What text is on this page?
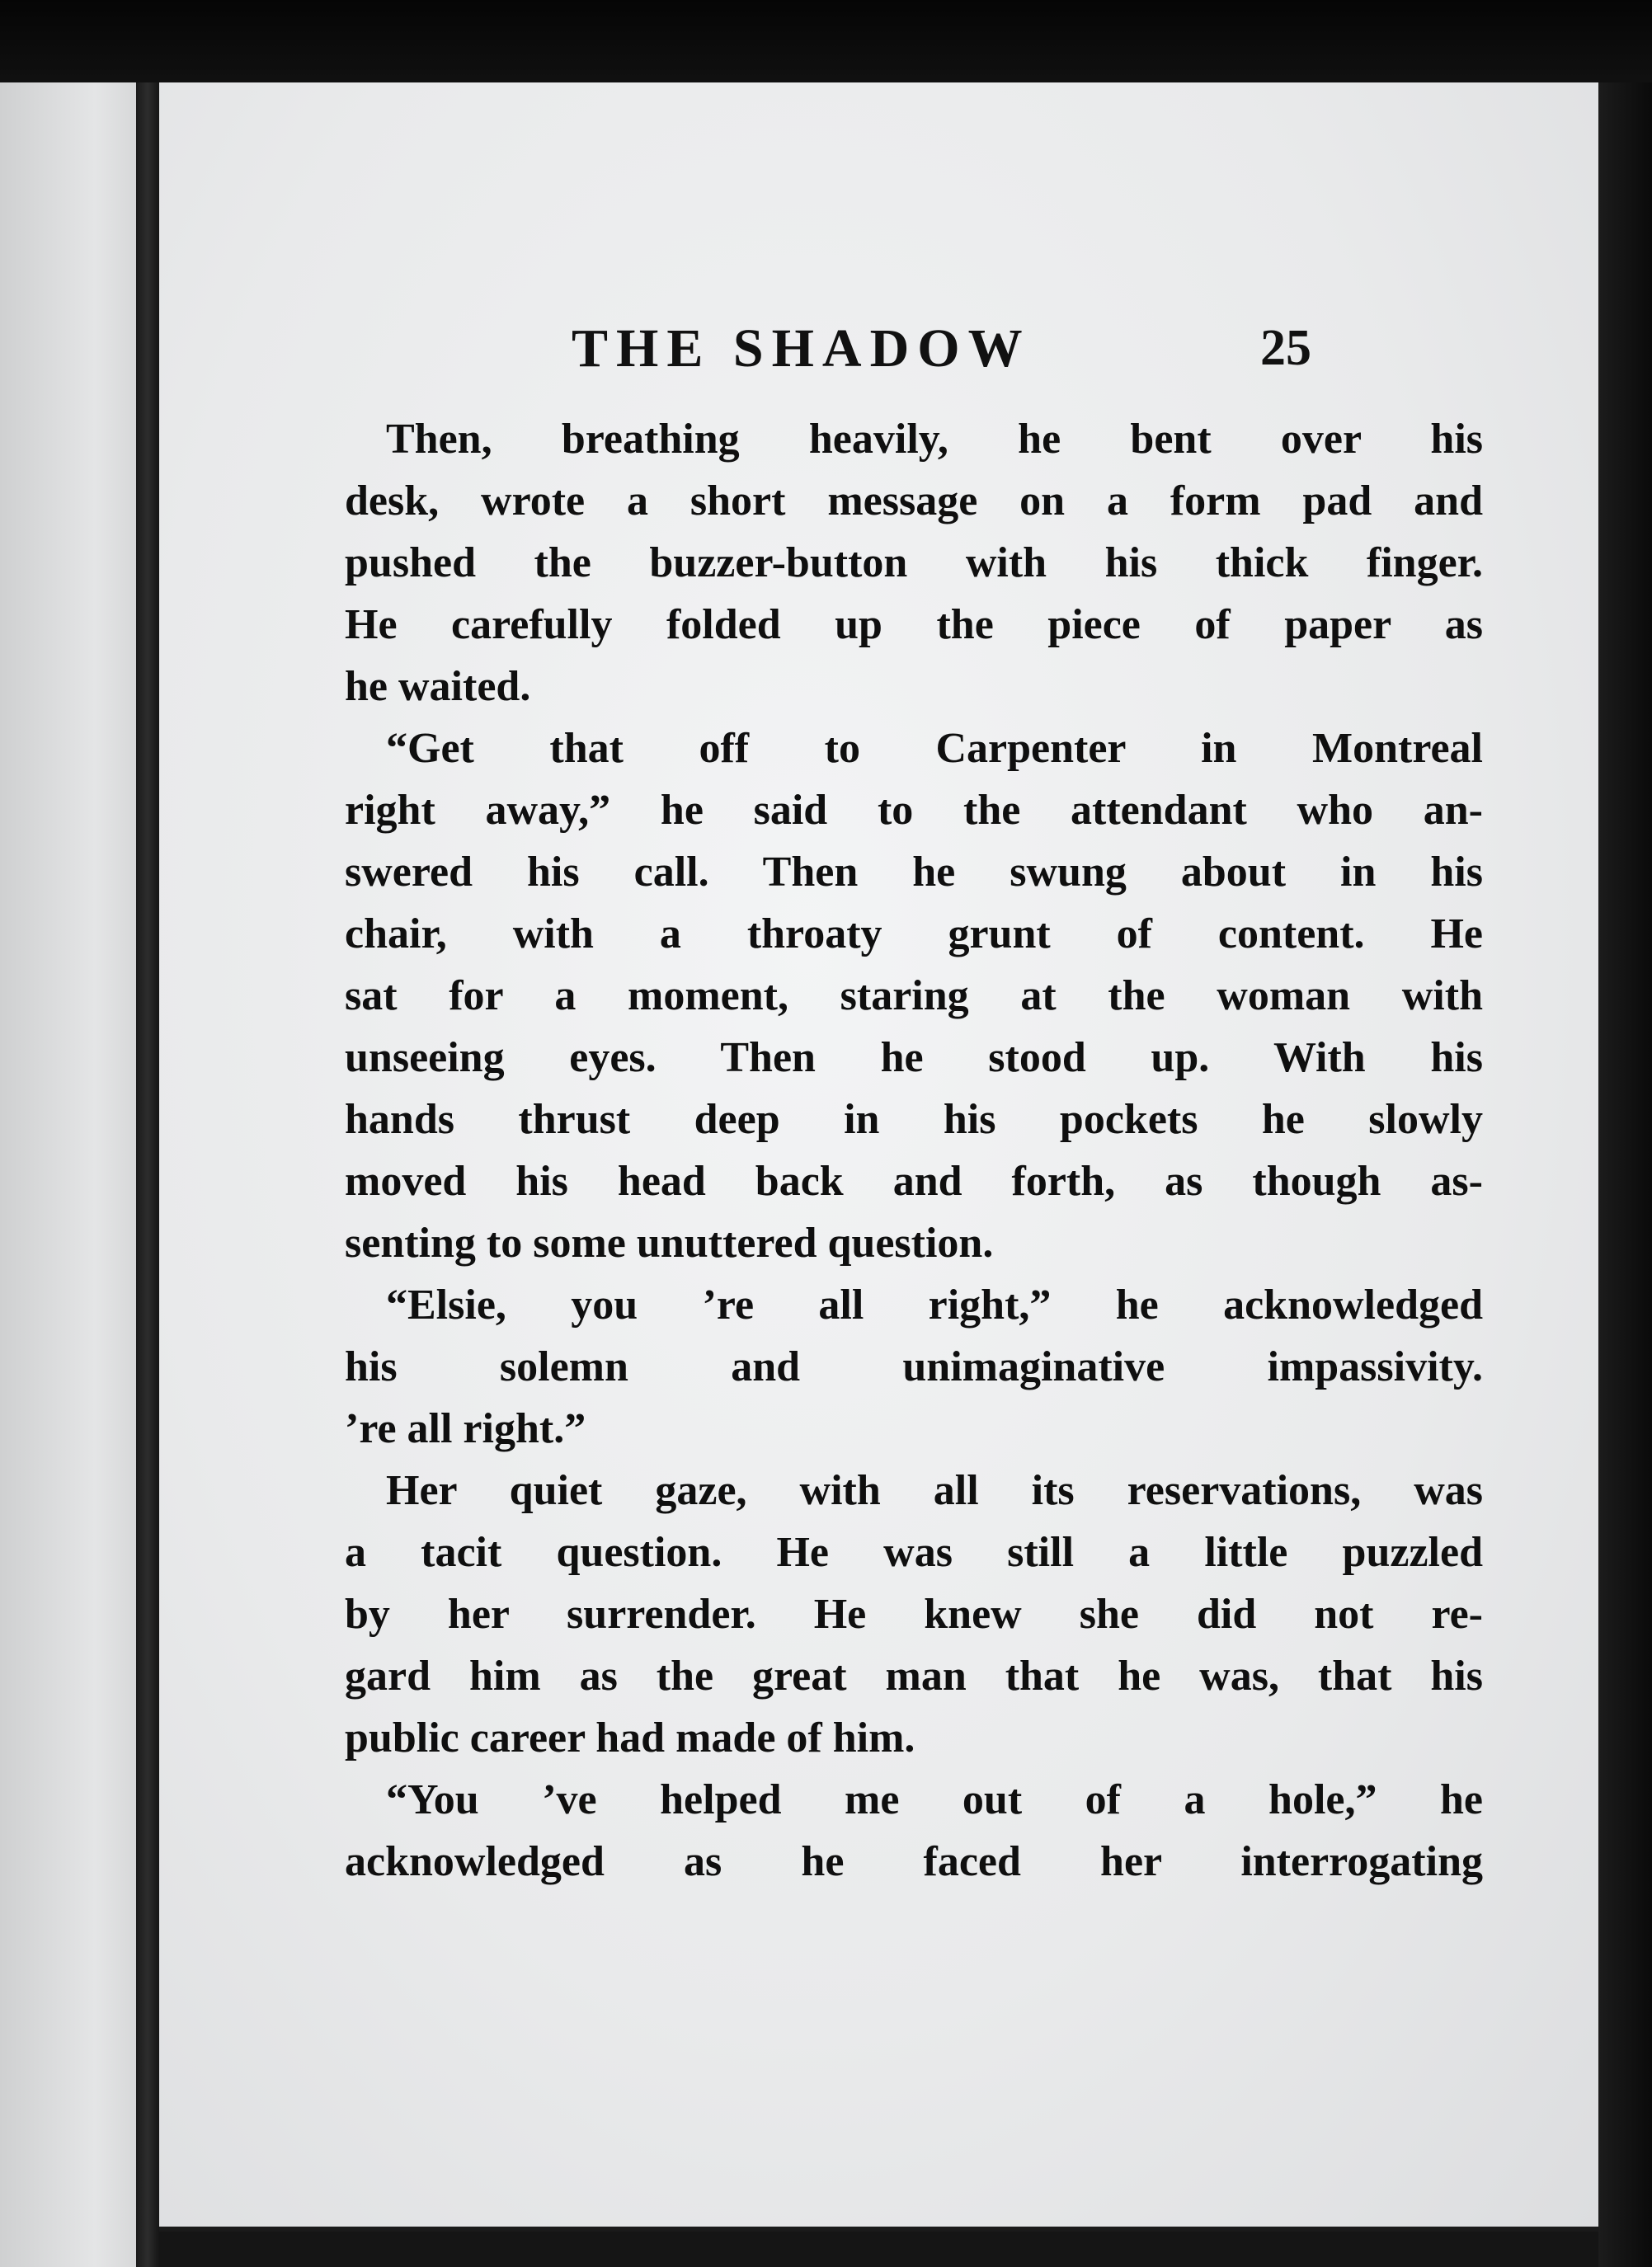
THE SHADOW	25
Then, breathing heavily, he bent over his
desk, wrote a short message on a form pad and
pushed the buzzer-button with his thick finger.
He carefully folded up the piece of paper as
he waited.
“Get that off to Carpenter in Montreal
right away,” he said to the attendant who an-
swered his call. Then he swung about in his
chair, with a throaty grunt of content. He
sat for a moment, staring at the woman with
unseeing eyes. Then he stood up. With his
hands thrust deep in his pockets he slowly
moved his head back and forth, as though as-
senting to some unuttered question.
“Elsie, you ’re all right,” he acknowledged
his solemn and unimaginative impassivity.
’re all right.”
Her quiet gaze, with all its reservations, was
a tacit question. He was still a little puzzled
by her surrender. He knew she did not re-
gard him as the great man that he was, that his
public career had made of him.
“You ’ve helped me out of a hole,” he
acknowledged as he faced her interrogating
